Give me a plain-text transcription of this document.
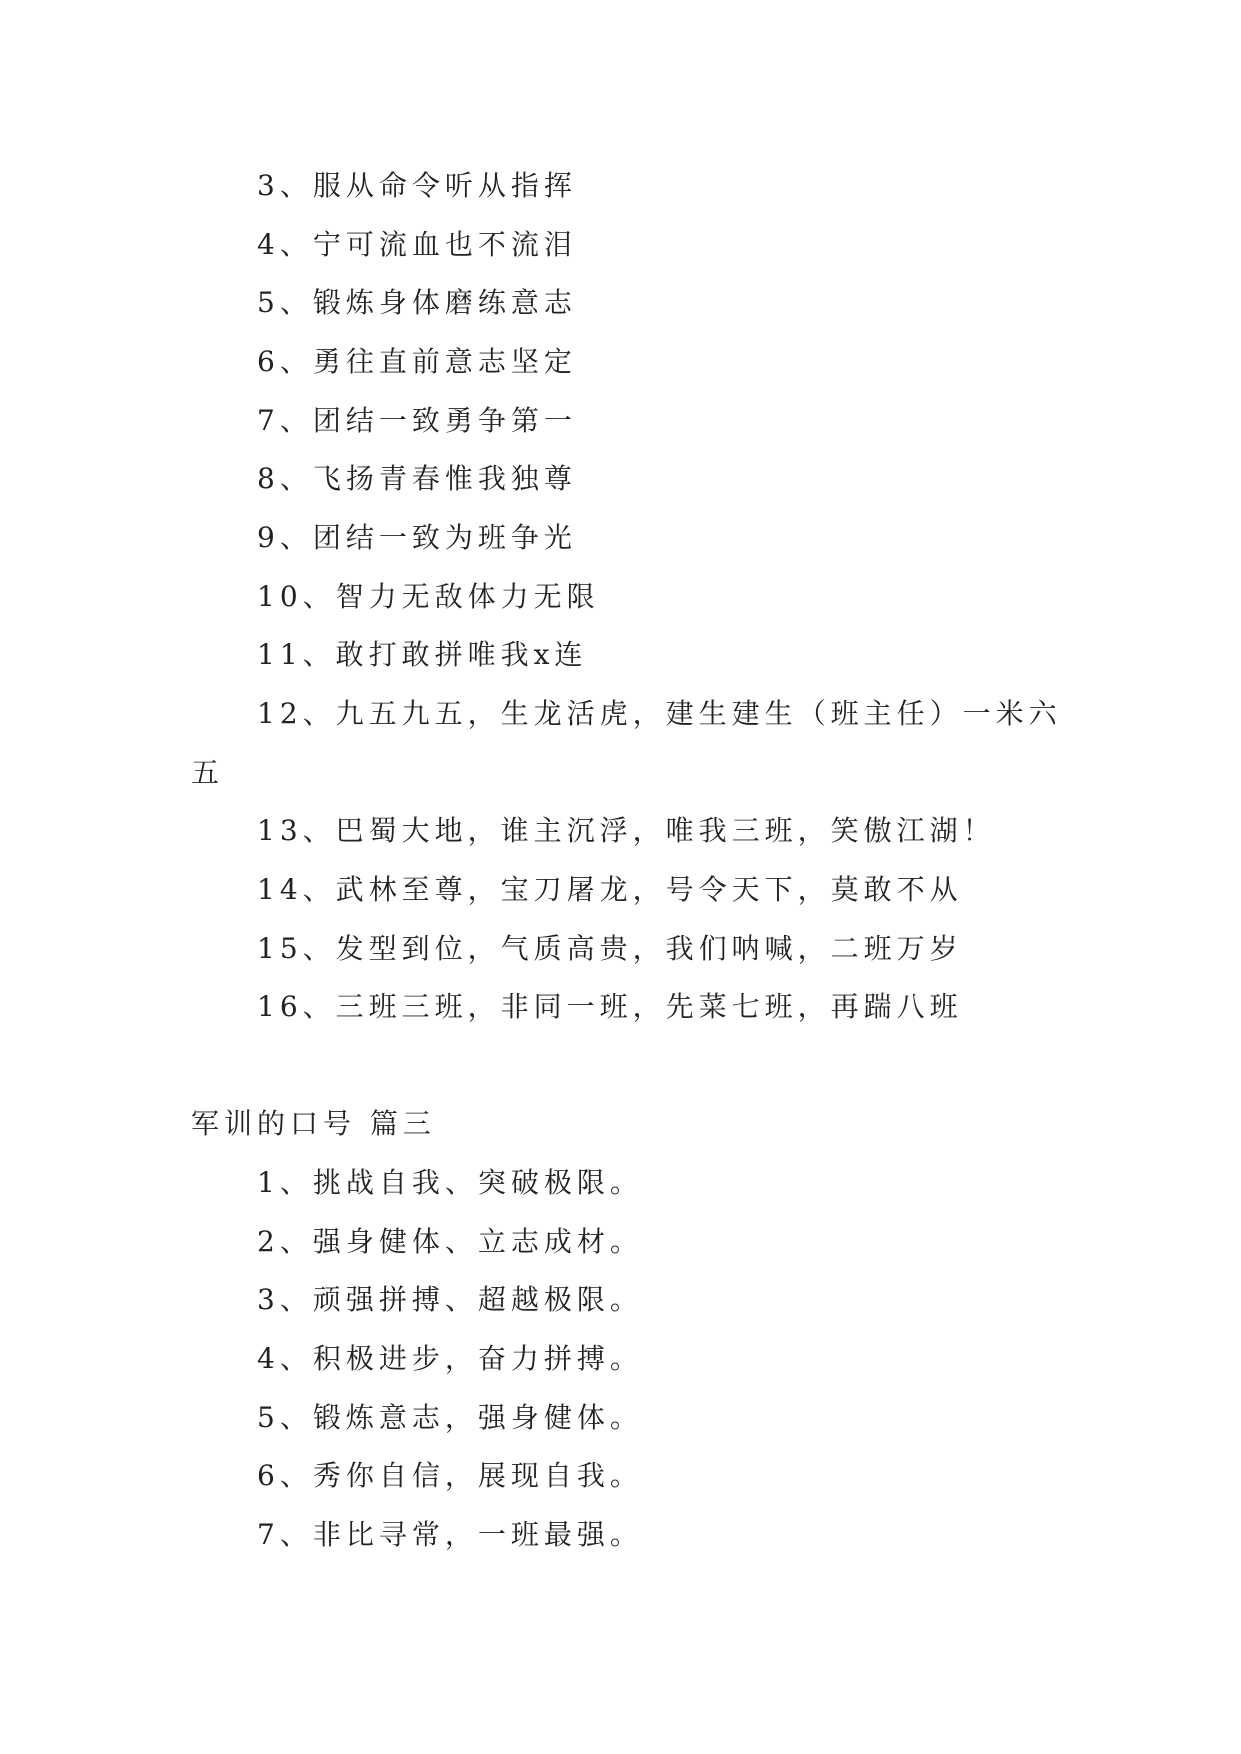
3、服从命令听从指挥

4、宁可流血也不流泪

5、锻炼身体磨练意志

6、勇往直前意志坚定

7、团结一致勇争第一

8、飞扬青春惟我独尊

9、团结一致为班争光

10、智力无敌体力无限

11、敢打敢拼唯我x连

12、九五九五，生龙活虎，建生建生（班主任）一米六五

13、巴蜀大地，谁主沉浮，唯我三班，笑傲江湖！

14、武林至尊，宝刀屠龙，号令天下，莫敢不从

15、发型到位，气质高贵，我们呐喊，二班万岁

16、三班三班，非同一班，先菜七班，再踹八班

军训的口号 篇三

1、挑战自我、突破极限。

2、强身健体、立志成材。

3、顽强拼搏、超越极限。

4、积极进步，奋力拼搏。

5、锻炼意志，强身健体。

6、秀你自信，展现自我。

7、非比寻常，一班最强。
